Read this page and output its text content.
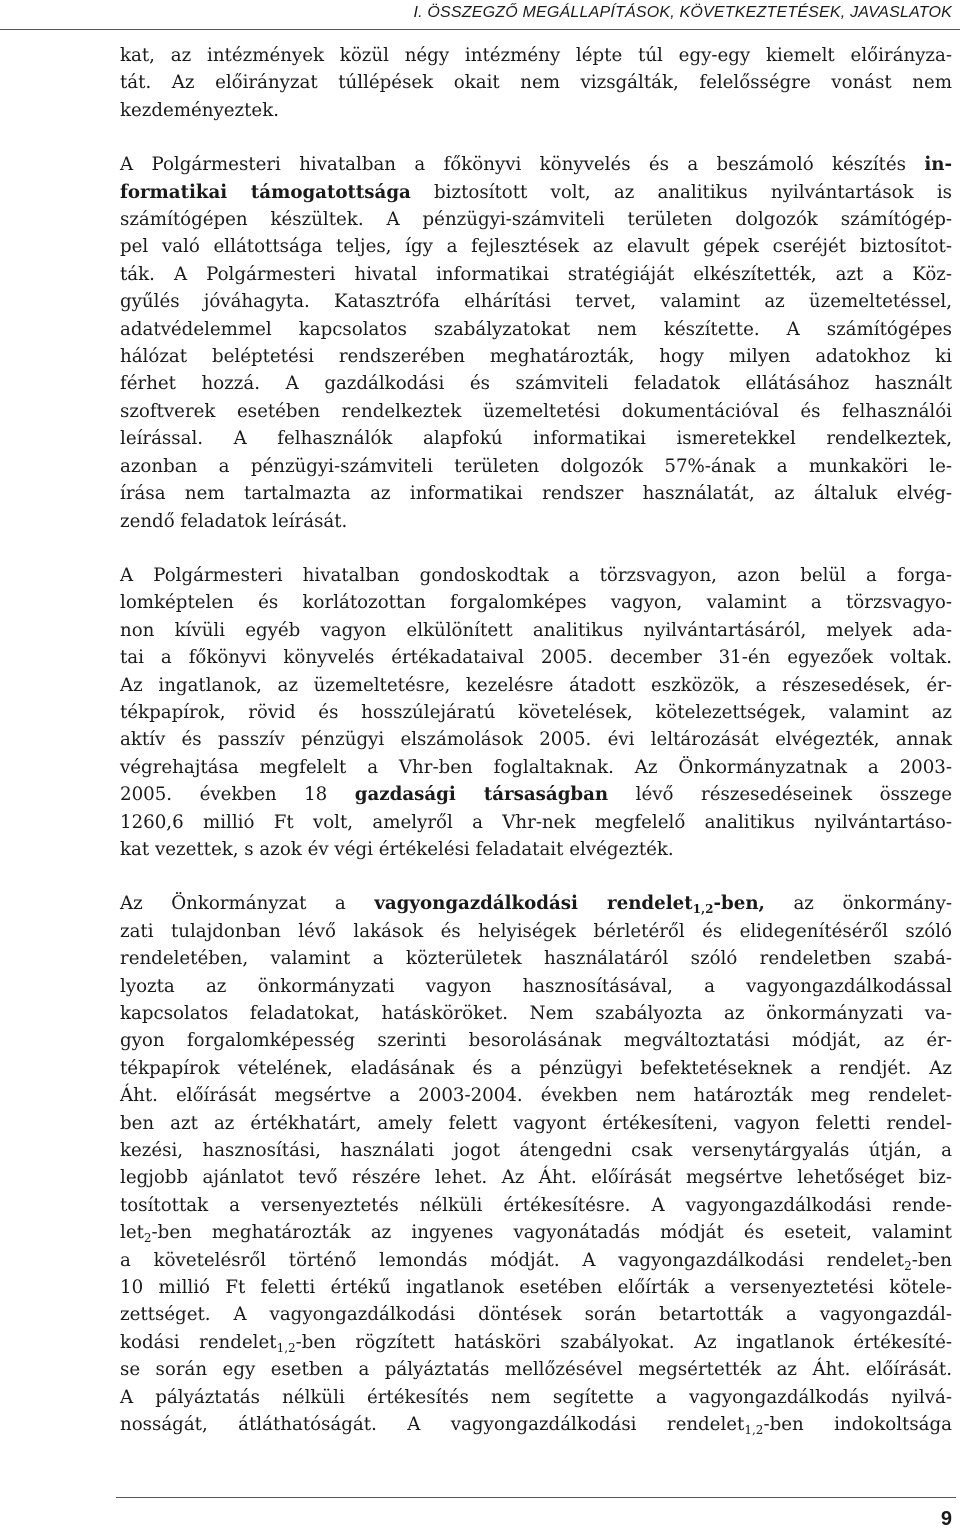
I. ÖSSZEGZŐ MEGÁLLAPÍTÁSOK, KÖVETKEZTETÉSEK, JAVASLATOK
kat, az intézmények közül négy intézmény lépte túl egy-egy kiemelt előirányza-
tát. Az előirányzat túllépések okait nem vizsgálták, felelősségre vonást nem
kezdeményeztek.
A Polgármesteri hivatalban a főkönyvi könyvelés és a beszámoló készítés in-
formatikai támogatottsága biztosított volt, az analitikus nyilvántartások is
számítógépen készültek. A pénzügyi-számviteli területen dolgozók számítógép-
pel való ellátottsága teljes, így a fejlesztések az elavult gépek cseréjét biztosítot-
ták. A Polgármesteri hivatal informatikai stratégiáját elkészítették, azt a Köz-
gyűlés jóváhagyta. Katasztrófa elhárítási tervet, valamint az üzemeltetéssel,
adatvédelemmel kapcsolatos szabályzatokat nem készítette. A számítógépes
hálózat beléptetési rendszerében meghatározták, hogy milyen adatokhoz ki
férhet hozzá. A gazdálkodási és számviteli feladatok ellátásához használt
szoftverek esetében rendelkeztek üzemeltetési dokumentációval és felhasználói
leírással. A felhasználók alapfokú informatikai ismeretekkel rendelkeztek,
azonban a pénzügyi-számviteli területen dolgozók 57%-ának a munkaköri le-
írása nem tartalmazta az informatikai rendszer használatát, az általuk elvég-
zendő feladatok leírását.
A Polgármesteri hivatalban gondoskodtak a törzsvagyon, azon belül a forga-
lomképtelen és korlátozottan forgalomképes vagyon, valamint a törzsvagyo-
non kívüli egyéb vagyon elkülönített analitikus nyilvántartásáról, melyek ada-
tai a főkönyvi könyvelés értékadataival 2005. december 31-én egyezőek voltak.
Az ingatlanok, az üzemeltetésre, kezelésre átadott eszközök, a részesedések, ér-
tékpapírok, rövid és hosszúlejáratú követelések, kötelezettségek, valamint az
aktív és passzív pénzügyi elszámolások 2005. évi leltározását elvégezték, annak
végrehajtása megfelelt a Vhr-ben foglaltaknak. Az Önkormányzatnak a 2003-
2005. években 18 gazdasági társaságban lévő részesedéseinek összege
1260,6 millió Ft volt, amelyről a Vhr-nek megfelelő analitikus nyilvántartáso-
kat vezettek, s azok év végi értékelési feladatait elvégezték.
Az Önkormányzat a vagyongazdálkodási rendelet$_{1,2}$-ben, az önkormány-
zati tulajdonban lévő lakások és helyiségek bérletéről és elidegenítéséről szóló
rendeletében, valamint a közterületek használatáról szóló rendeletben szabá-
lyozta az önkormányzati vagyon hasznosításával, a vagyongazdálkodással
kapcsolatos feladatokat, hatásköröket. Nem szabályozta az önkormányzati va-
gyon forgalomképesség szerinti besorolásának megváltoztatási módját, az ér-
tékpapírok vételének, eladásának és a pénzügyi befektetéseknek a rendjét. Az
Áht. előírását megsértve a 2003-2004. években nem határozták meg rendelet-
ben azt az értékhatárt, amely felett vagyont értékesíteni, vagyon feletti rendel-
kezési, hasznosítási, használati jogot átengedni csak versenytárgyalás útján, a
legjobb ajánlatot tevő részére lehet. Az Áht. előírását megsértve lehetőséget biz-
tosítottak a versenyeztetés nélküli értékesítésre. A vagyongazdálkodási rende-
let$_2$-ben meghatározták az ingyenes vagyonátadás módját és eseteit, valamint
a követelésről történő lemondás módját. A vagyongazdálkodási rendelet$_2$-ben
10 millió Ft feletti értékű ingatlanok esetében előírták a versenyeztetési kötele-
zettséget. A vagyongazdálkodási döntések során betartották a vagyongazdál-
kodási rendelet$_{1,2}$-ben rögzített hatásköri szabályokat. Az ingatlanok értékesíté-
se során egy esetben a pályáztatás mellőzésével megsértették az Áht. előírását.
A pályáztatás nélküli értékesítés nem segítette a vagyongazdálkodás nyilvá-
nosságát, átláthatóságát. A vagyongazdálkodási rendelet$_{1,2}$-ben indokoltsága
9
